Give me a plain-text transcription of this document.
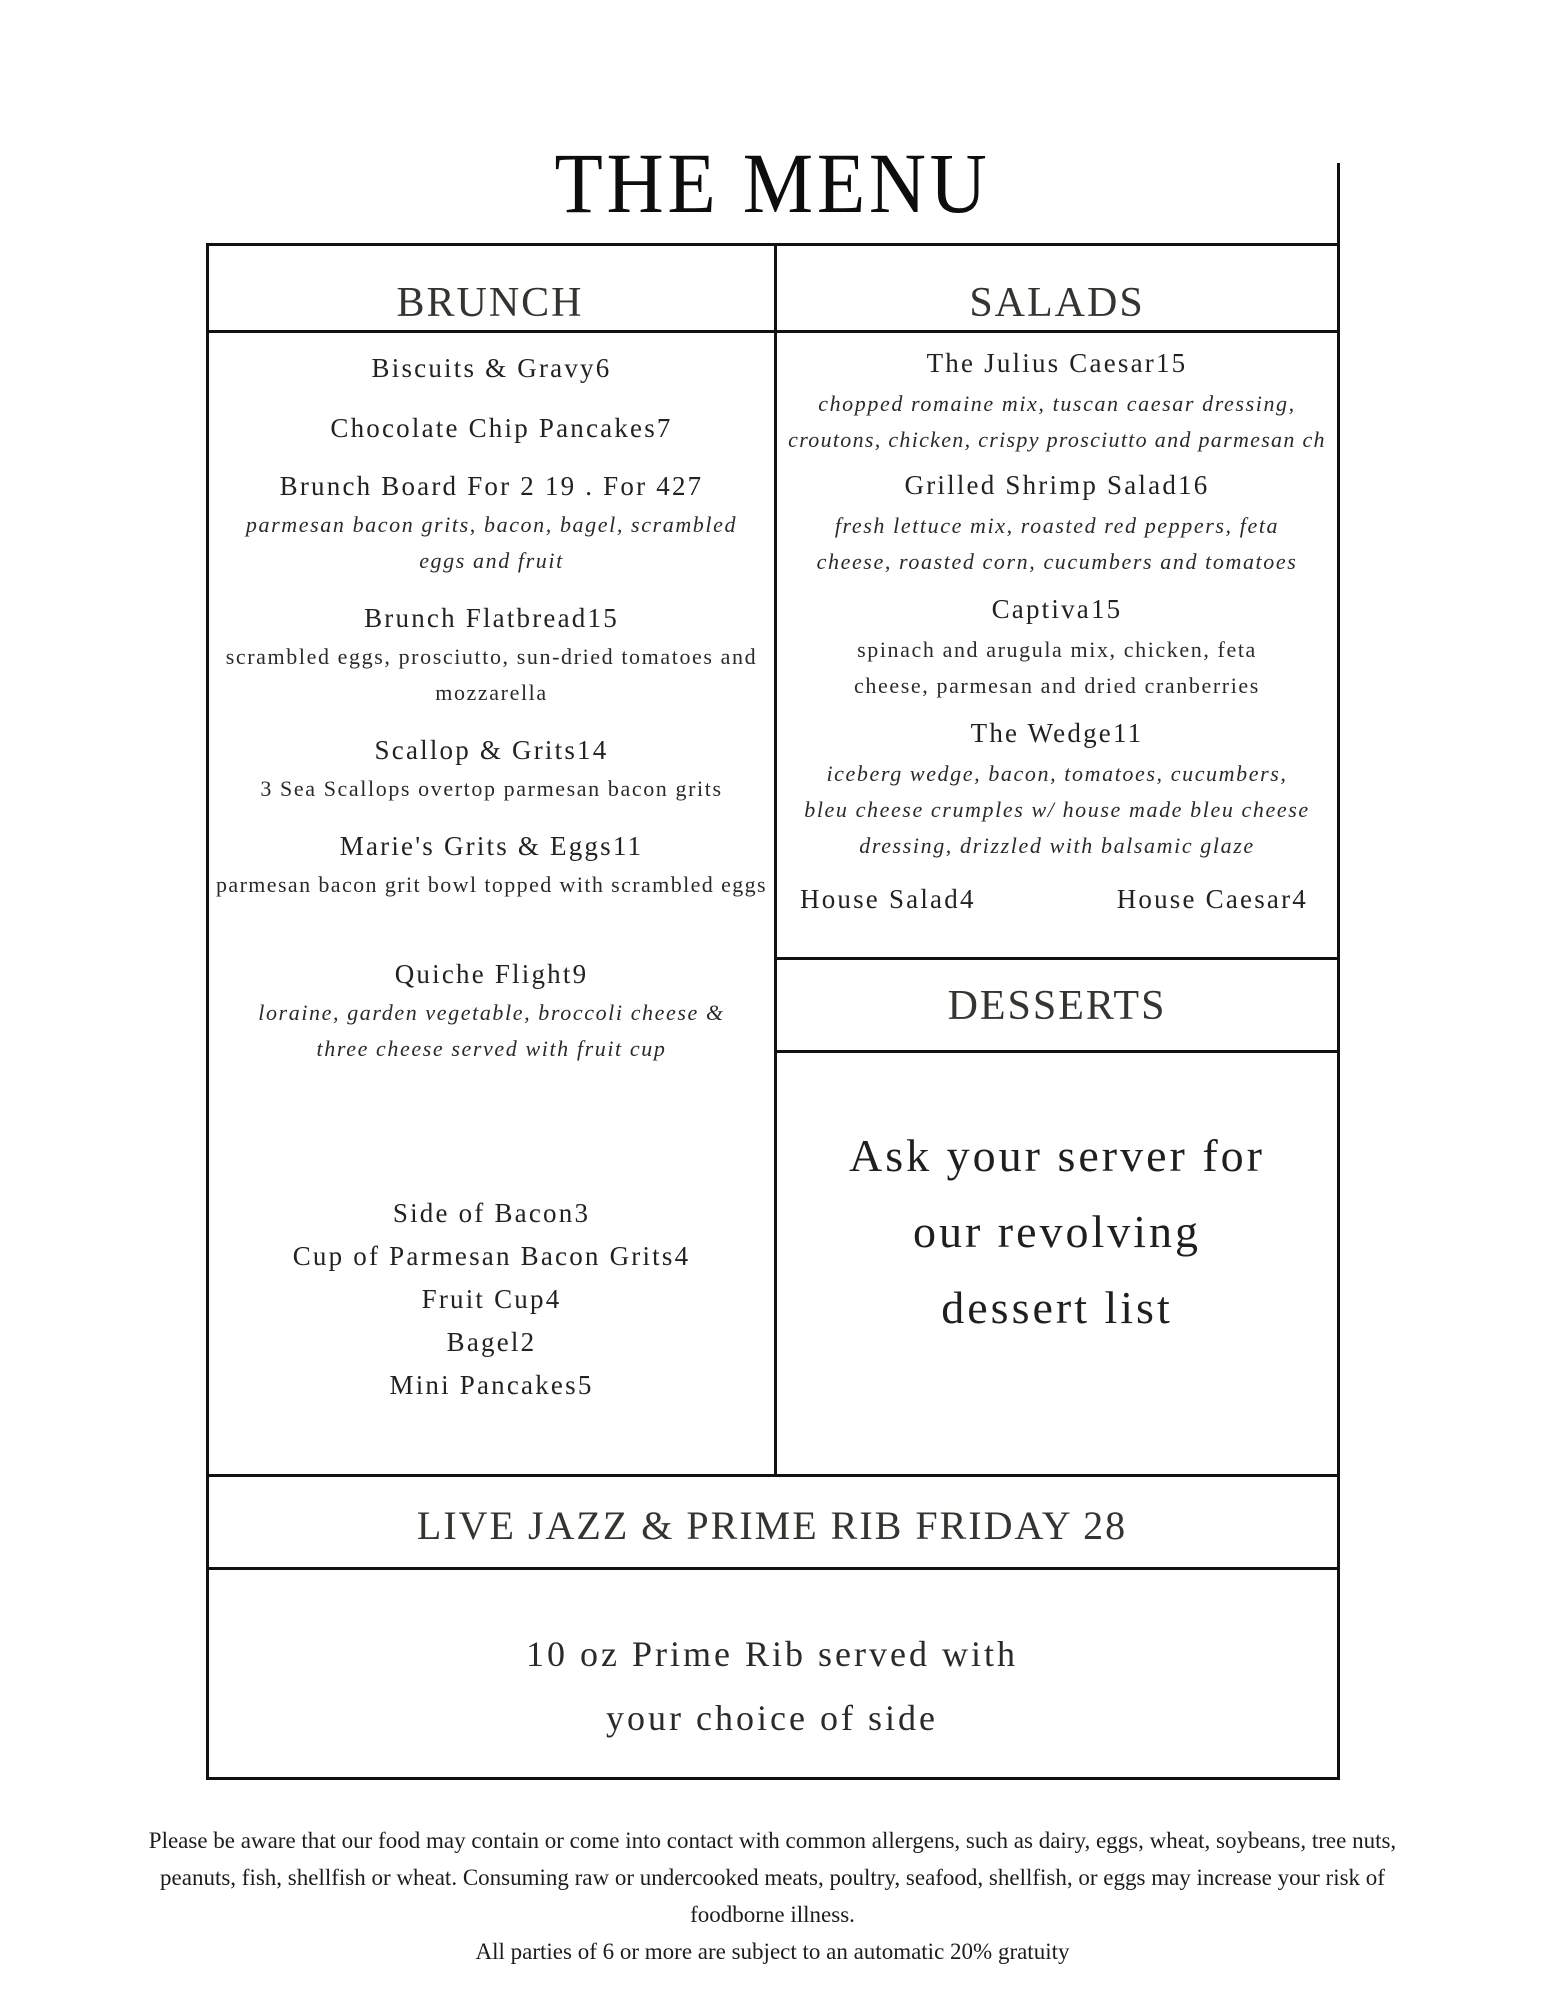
THE MENU
BRUNCH	SALADS
DESSERTS
LIVE JAZZ & PRIME RIB FRIDAY 28
Biscuits & Gravy6
Chocolate Chip Pancakes7
Brunch Board For 2 19 . For 427
parmesan bacon grits, bacon, bagel, scrambled eggs and fruit
Brunch Flatbread15
scrambled eggs, prosciutto, sun-dried tomatoes and mozzarella
Scallop & Grits14
3 Sea Scallops overtop parmesan bacon grits
Marie's Grits & Eggs11
parmesan bacon grit bowl topped with scrambled eggs
Quiche Flight9
loraine, garden vegetable, broccoli cheese & three cheese served with fruit cup
Side of Bacon3
Cup of Parmesan Bacon Grits4
Fruit Cup4
Bagel2
Mini Pancakes5
The Julius Caesar15
chopped romaine mix, tuscan caesar dressing,
croutons, chicken, crispy prosciutto and parmesan ch
Grilled Shrimp Salad16
fresh lettuce mix, roasted red peppers, feta
cheese, roasted corn, cucumbers and tomatoes
Captiva15
spinach and arugula mix, chicken, feta
cheese, parmesan and dried cranberries
The Wedge11
iceberg wedge, bacon, tomatoes, cucumbers,
bleu cheese crumples w/ house made bleu cheese
dressing, drizzled with balsamic glaze
House Salad4	House Caesar4
Ask your server for
our revolving
dessert list
10 oz Prime Rib served with
your choice of side
Please be aware that our food may contain or come into contact with common allergens, such as dairy, eggs, wheat, soybeans, tree nuts,
peanuts, fish, shellfish or wheat. Consuming raw or undercooked meats, poultry, seafood, shellfish, or eggs may increase your risk of
foodborne illness.
All parties of 6 or more are subject to an automatic 20% gratuity
